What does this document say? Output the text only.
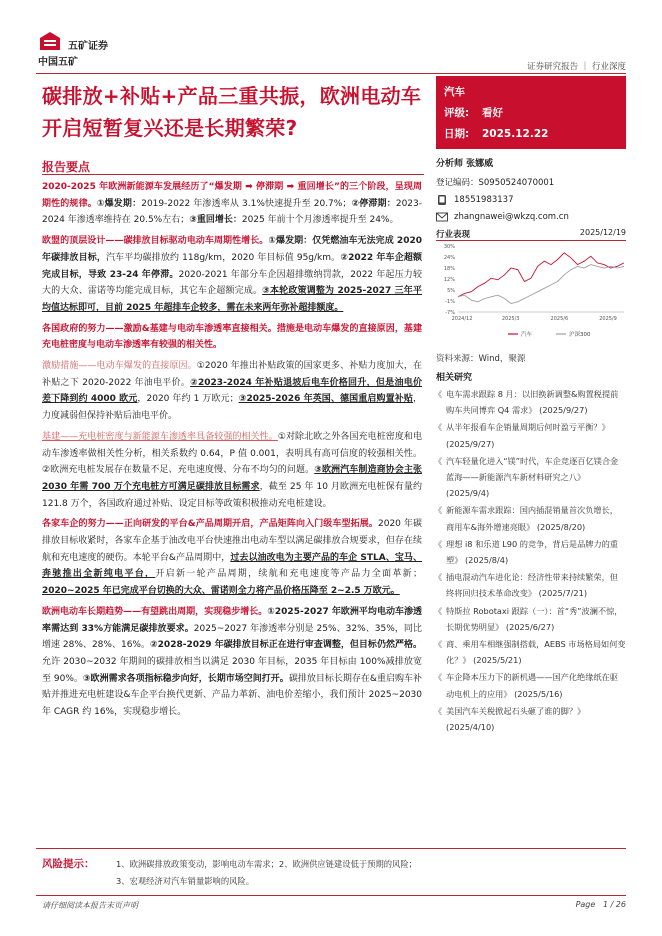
五矿证券
中国五矿	证券研究报告 ｜ 行业深度
碳排放+补贴+产品三重共振，欧洲电动车开启短暂复兴还是长期繁荣?
汽车
评级: 看好
日期: 2025.12.22
报告要点

2020-2025 年欧洲新能源车发展经历了“爆发期 ➡ 停滞期 ➡ 重回增长”的三个阶段，呈现周期性的规律。①爆发期：2019-2022 年渗透率从 3.1%快速提升至 20.7%；②停滞期：2023-2024 年渗透率维持在 20.5%左右；③重回增长：2025 年前十个月渗透率提升至 24%。

欧盟的顶层设计——碳排放目标驱动电动车周期性增长。①爆发期：仅凭燃油车无法完成 2020 年碳排放目标，汽车平均碳排放约 118g/km，2020 年目标值 95g/km。②2022 年车企超额完成目标，导致 23-24 年停滞。2020-2021 年部分车企因超排缴纳罚款，2022 年起压力较大的大众、雷诺等均能完成目标，其它车企超额完成。③本轮政策调整为 2025-2027 三年平均值达标即可，目前 2025 年超排车企较多，需在未来两年弥补超排额度。

各国政府的努力——激励&基建与电动车渗透率直接相关。措施是电动车爆发的直接原因，基建充电桩密度与电动车渗透率有较强的相关性。

激励措施——电动车爆发的直接原因。①2020 年推出补贴政策的国家更多、补贴力度加大，在补贴之下 2020-2022 年油电平价。②2023-2024 年补贴退坡后电车价格回升，但是油电价差下降到约 4000 欧元，2020 年约 1 万欧元；③2025-2026 年英国、德国重启购置补贴，力度减弱但保持补贴后油电平价。

基建——充电桩密度与新能源车渗透率具备较强的相关性。①对除北欧之外各国充电桩密度和电动车渗透率做相关性分析，相关系数约 0.64，P 值 0.001，表明具有高可信度的较强相关性。②欧洲充电桩发展存在数量不足、充电速度慢、分布不均匀的问题。③欧洲汽车制造商协会主张 2030 年需 700 万个充电桩方可满足碳排放目标需求，截至 25 年 10 月欧洲充电桩保有量约 121.8 万个，各国政府通过补贴、设定目标等政策积极推动充电桩建设。

各家车企的努力——正向研发的平台&产品周期开启，产品矩阵向入门级车型拓展。2020 年碳排放目标收紧时，各家车企基于油改电平台快速推出电动车型以满足碳排放合规要求，但存在续航和充电速度的硬伤。本轮平台&产品周期中，过去以油改电为主要产品的车企 STLA、宝马、奔驰推出全新纯电平台，开启新一轮产品周期，续航和充电速度等产品力全面革新；2020~2025 年已完成平台切换的大众、雷诺则全力将产品价格压降至 2~2.5 万欧元。

欧洲电动车长期趋势——有望跳出周期，实现稳步增长。①2025-2027 年欧洲平均电动车渗透率需达到 33%方能满足碳排放要求。2025~2027 年渗透率分别是 25%、32%、35%，同比增速 28%、28%、16%。②2028-2029 年碳排放目标正在进行审查调整，但目标仍然严格。允许 2030~2032 年期间的碳排放相当以满足 2030 年目标，2035 年目标由 100%减排放宽至 90%。③欧洲需求各项指标稳步向好，长期市场空间打开。碳排放目标长期存在&重启购车补贴并推进充电桩建设&车企平台换代更新、产品力革新、油电价差缩小，我们预计 2025~2030 年 CAGR 约 16%，实现稳步增长。

分析师 张娜威
登记编码：S0950524070001
18551983137
zhangnawei@wkzq.com.cn
行业表现	2025/12/19
30%
24%
18%
12%
5%
-1%
-7%
2024/12	2025/3	2025/6	2025/9
汽车	沪深300
资料来源：Wind，聚源
相关研究
《 电车需求跟踪 8 月：以旧换新调整&购置税提前购车共同博弈 Q4 需求》 (2025/9/27)
《 从半年报看车企销量周期后何时盈亏平衡？》 (2025/9/27)
《 汽车轻量化进入“镁”时代，车企竞逐百亿镁合金蓝海——新能源汽车新材料研究之八》 (2025/9/4)
《 新能源车需求跟踪：国内插混销量首次负增长，商用车&海外增速亮眼》 (2025/8/20)
《 理想 i8 和乐道 L90 的竞争，背后是品牌力的重塑》 (2025/8/4)
《 插电混动汽车进化论：经济性带来持续繁荣，但终将回归技术革命改变》 (2025/7/21)
《 特斯拉 Robotaxi 跟踪（一）：首“秀”波澜不惊，长期优势明显》 (2025/6/27)
《 商、乘用车相继强制搭载，AEBS 市场格局如何变化？》 (2025/5/21)
《 车企降本压力下的新机遇——国产化绝缘纸在驱动电机上的应用》 (2025/5/16)
《 美国汽车关税掀起石头砸了谁的脚？》 (2025/4/10)
风险提示：	1、欧洲碳排放政策变动，影响电动车需求；2、欧洲供应链建设低于预期的风险；
3、宏观经济对汽车销量影响的风险。
请仔细阅读本报告末页声明	Page 1 / 26
